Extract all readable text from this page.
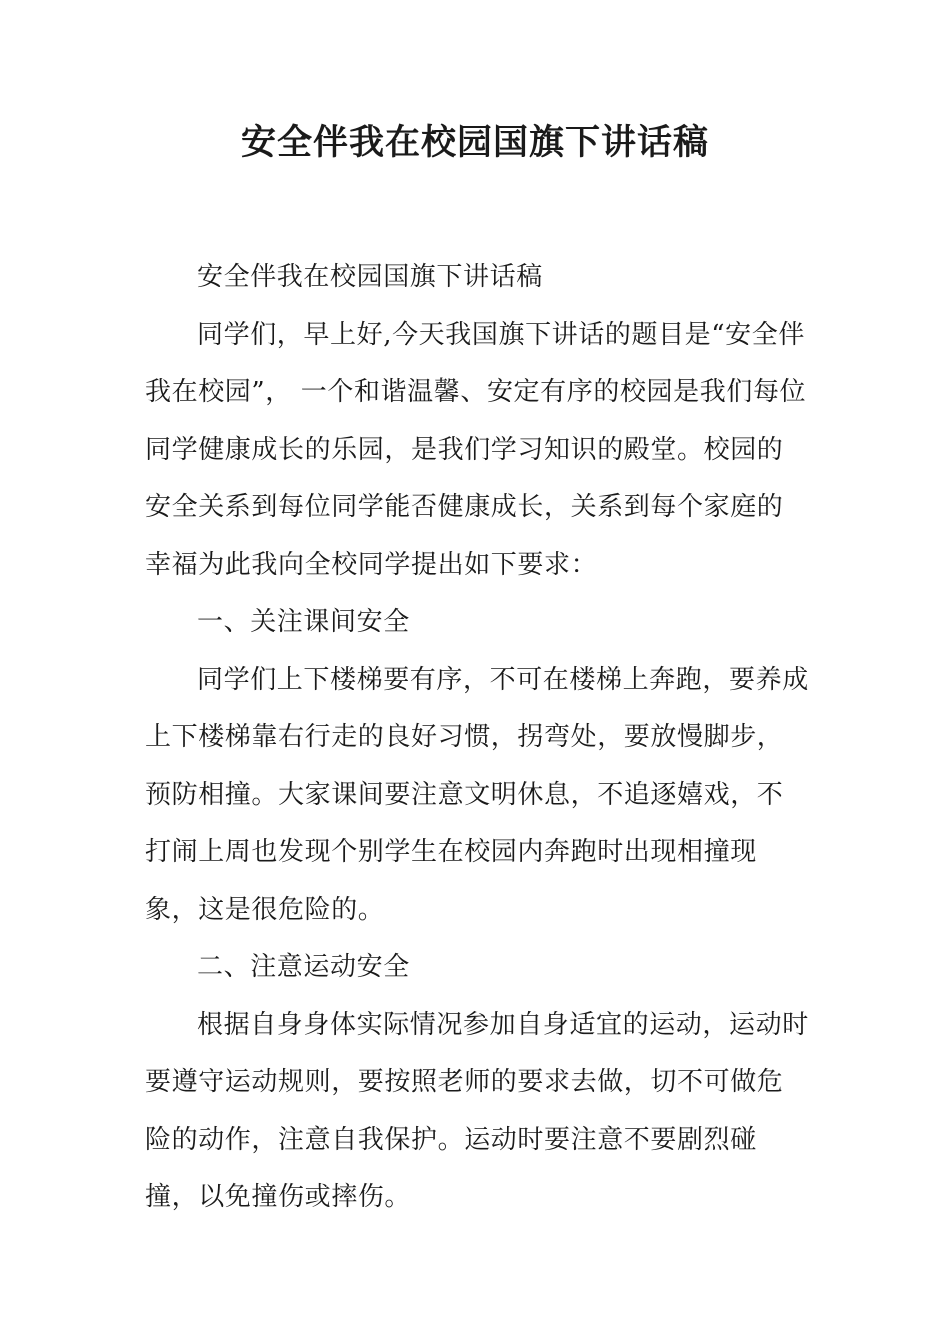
安全伴我在校园国旗下讲话稿

安全伴我在校园国旗下讲话稿

同学们，早上好,今天我国旗下讲话的题目是“安全伴我在校园”， 一个和谐温馨、安定有序的校园是我们每位同学健康成长的乐园，是我们学习知识的殿堂。校园的安全关系到每位同学能否健康成长，关系到每个家庭的幸福为此我向全校同学提出如下要求：

一、关注课间安全

同学们上下楼梯要有序，不可在楼梯上奔跑，要养成上下楼梯靠右行走的良好习惯，拐弯处，要放慢脚步，预防相撞。大家课间要注意文明休息，不追逐嬉戏，不打闹上周也发现个别学生在校园内奔跑时出现相撞现象，这是很危险的。

二、注意运动安全

根据自身身体实际情况参加自身适宜的运动，运动时要遵守运动规则，要按照老师的要求去做，切不可做危险的动作，注意自我保护。运动时要注意不要剧烈碰撞，以免撞伤或摔伤。
